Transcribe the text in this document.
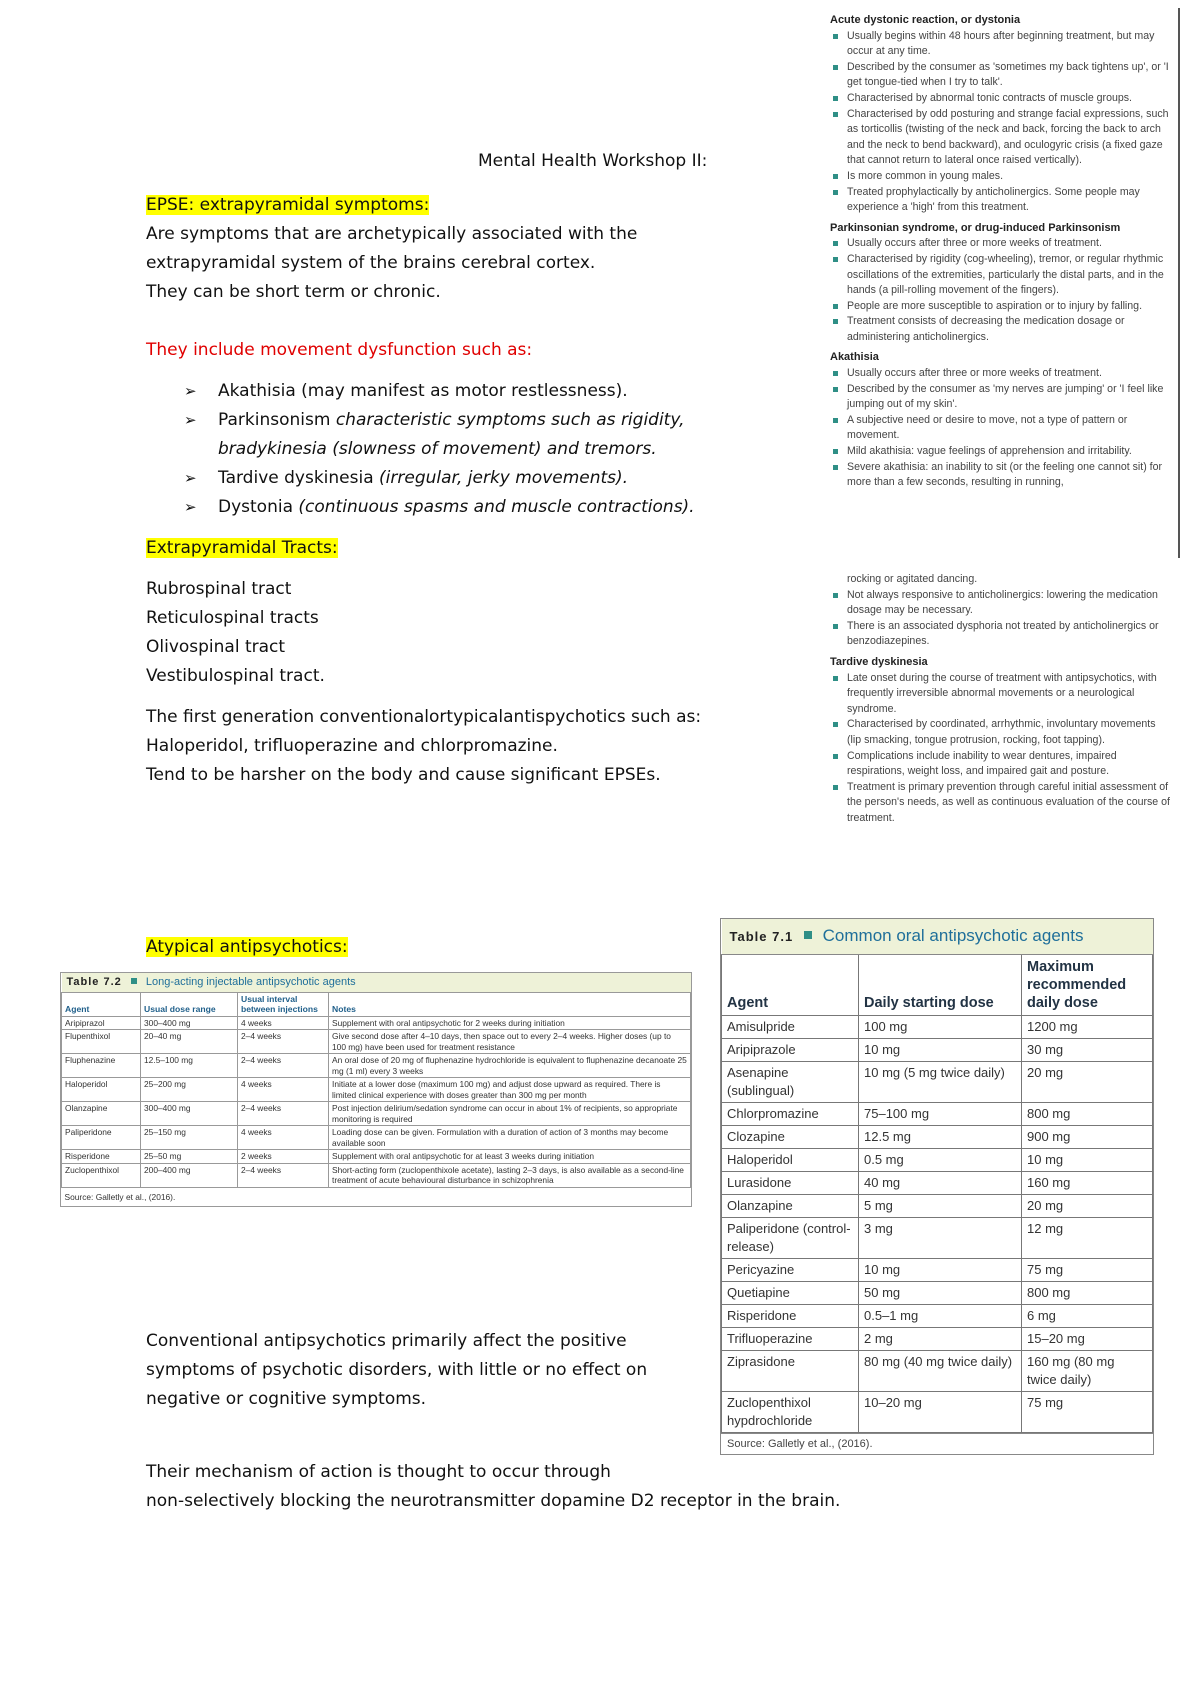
Mental Health Workshop II:
EPSE: extrapyramidal symptoms:
Are symptoms that are archetypically associated with the
extrapyramidal system of the brains cerebral cortex.
They can be short term or chronic.
They include movement dysfunction such as:
➢ Akathisia (may manifest as motor restlessness).
➢ Parkinsonism characteristic symptoms such as rigidity, bradykinesia (slowness of movement) and tremors.
➢ Tardive dyskinesia (irregular, jerky movements).
➢ Dystonia (continuous spasms and muscle contractions).
Extrapyramidal Tracts:
Rubrospinal tract
Reticulospinal tracts
Olivospinal tract
Vestibulospinal tract.
The first generation conventionalortypicalantispychotics such as:
Haloperidol, trifluoperazine and chlorpromazine.
Tend to be harsher on the body and cause significant EPSEs.
Atypical antipsychotics:
Table 7.2 Long-acting injectable antipsychotic agents			
Agent	Usual dose range	Usual interval between injections	Notes
Aripiprazol	300–400 mg	4 weeks	Supplement with oral antipsychotic for 2 weeks during initiation
Flupenthixol	20–40 mg	2–4 weeks	Give second dose after 4–10 days, then space out to every 2–4 weeks. Higher doses (up to 100 mg) have been used for treatment resistance
Fluphenazine	12.5–100 mg	2–4 weeks	An oral dose of 20 mg of fluphenazine hydrochloride is equivalent to fluphenazine decanoate 25 mg (1 ml) every 3 weeks
Haloperidol	25–200 mg	4 weeks	Initiate at a lower dose (maximum 100 mg) and adjust dose upward as required. There is limited clinical experience with doses greater than 300 mg per month
Olanzapine	300–400 mg	2–4 weeks	Post injection delirium/sedation syndrome can occur in about 1% of recipients, so appropriate monitoring is required
Paliperidone	25–150 mg	4 weeks	Loading dose can be given. Formulation with a duration of action of 3 months may become available soon
Risperidone	25–50 mg	2 weeks	Supplement with oral antipsychotic for at least 3 weeks during initiation
Zuclopenthixol	200–400 mg	2–4 weeks	Short-acting form (zuclopenthixole acetate), lasting 2–3 days, is also available as a second-line treatment of acute behavioural disturbance in schizophrenia
Source: Galletly et al., (2016).			
Conventional antipsychotics primarily affect the positive
symptoms of psychotic disorders, with little or no effect on
negative or cognitive symptoms.
Their mechanism of action is thought to occur through
non-selectively blocking the neurotransmitter dopamine D2 receptor in the brain.
Acute dystonic reaction, or dystonia
Usually begins within 48 hours after beginning treatment, but may occur at any time.
Described by the consumer as 'sometimes my back tightens up', or 'I get tongue-tied when I try to talk'.
Characterised by abnormal tonic contracts of muscle groups.
Characterised by odd posturing and strange facial expressions, such as torticollis (twisting of the neck and back, forcing the back to arch and the neck to bend backward), and oculogyric crisis (a fixed gaze that cannot return to lateral once raised vertically).
Is more common in young males.
Treated prophylactically by anticholinergics. Some people may experience a 'high' from this treatment.
Parkinsonian syndrome, or drug-induced Parkinsonism
Usually occurs after three or more weeks of treatment.
Characterised by rigidity (cog-wheeling), tremor, or regular rhythmic oscillations of the extremities, particularly the distal parts, and in the hands (a pill-rolling movement of the fingers).
People are more susceptible to aspiration or to injury by falling.
Treatment consists of decreasing the medication dosage or administering anticholinergics.
Akathisia
Usually occurs after three or more weeks of treatment.
Described by the consumer as 'my nerves are jumping' or 'I feel like jumping out of my skin'.
A subjective need or desire to move, not a type of pattern or movement.
Mild akathisia: vague feelings of apprehension and irritability.
Severe akathisia: an inability to sit (or the feeling one cannot sit) for more than a few seconds, resulting in running,
rocking or agitated dancing.
Not always responsive to anticholinergics: lowering the medication dosage may be necessary.
There is an associated dysphoria not treated by anticholinergics or benzodiazepines.
Tardive dyskinesia
Late onset during the course of treatment with antipsychotics, with frequently irreversible abnormal movements or a neurological syndrome.
Characterised by coordinated, arrhythmic, involuntary movements (lip smacking, tongue protrusion, rocking, foot tapping).
Complications include inability to wear dentures, impaired respirations, weight loss, and impaired gait and posture.
Treatment is primary prevention through careful initial assessment of the person's needs, as well as continuous evaluation of the course of treatment.
Table 7.1 Common oral antipsychotic agents		
Agent	Daily starting dose	Maximum recommended daily dose
Amisulpride	100 mg	1200 mg
Aripiprazole	10 mg	30 mg
Asenapine (sublingual)	10 mg (5 mg twice daily)	20 mg
Chlorpromazine	75–100 mg	800 mg
Clozapine	12.5 mg	900 mg
Haloperidol	0.5 mg	10 mg
Lurasidone	40 mg	160 mg
Olanzapine	5 mg	20 mg
Paliperidone (control-release)	3 mg	12 mg
Pericyazine	10 mg	75 mg
Quetiapine	50 mg	800 mg
Risperidone	0.5–1 mg	6 mg
Trifluoperazine	2 mg	15–20 mg
Ziprasidone	80 mg (40 mg twice daily)	160 mg (80 mg twice daily)
Zuclopenthixol hypdrochloride	10–20 mg	75 mg
Source: Galletly et al., (2016).
